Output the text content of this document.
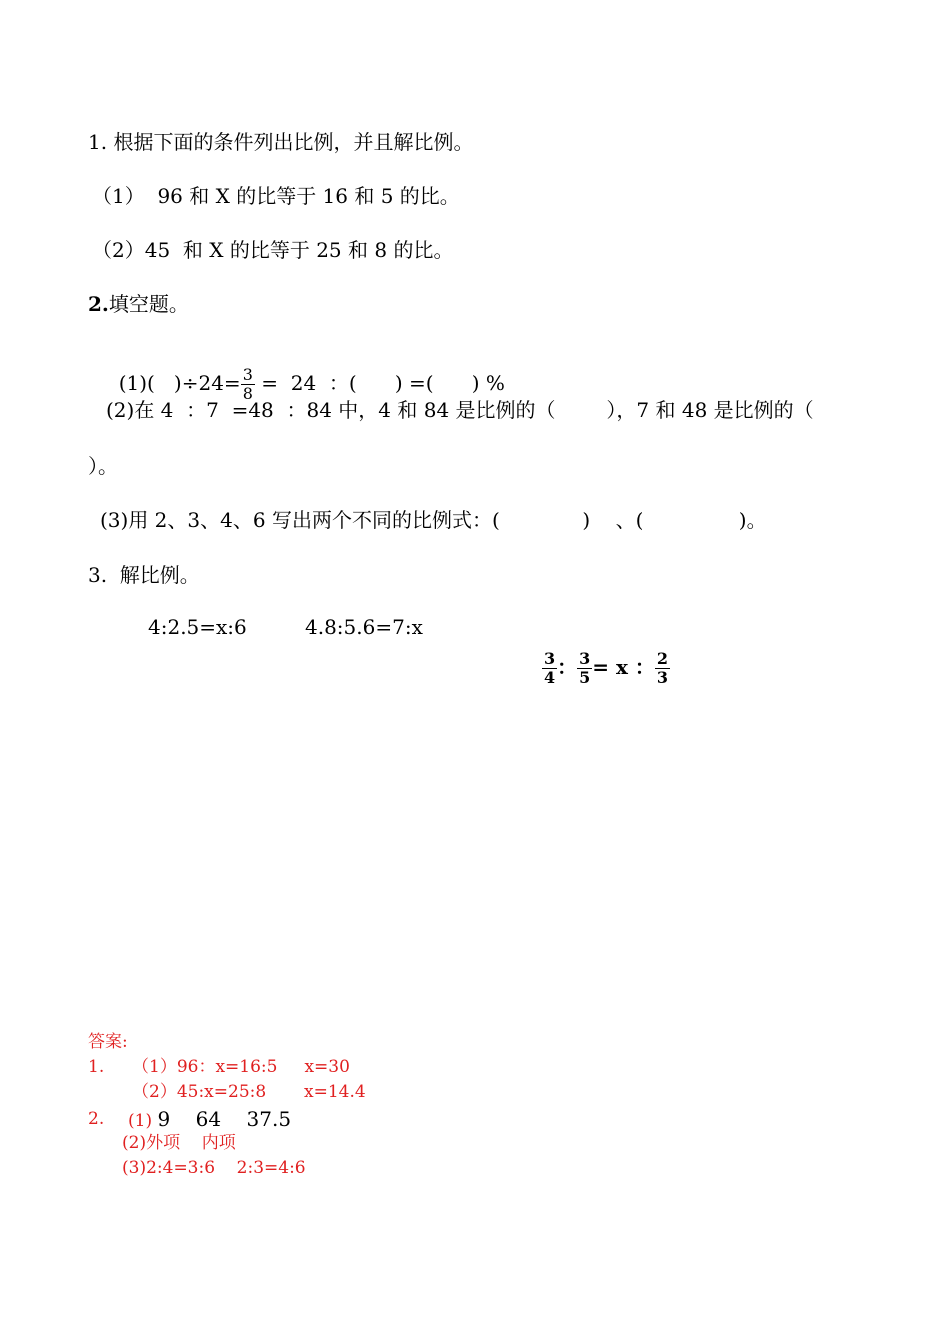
1. 根据下面的条件列出比例，并且解比例。
（1）  96 和 X 的比等于 16 和 5 的比。
（2）45  和 X 的比等于 25 和 8 的比。
2.填空题。

(1)(   )$\div 24= \frac{3}{8} = 24$  ：(      ) =(      ) %

(2)在 4  ：7  =48  ：84 中，4 和 84 是比例的（        ），7 和 48 是比例的（
）。
(3)用 2、3、4、6 写出两个不同的比例式：(             )    、(               )。
3.  解比例。
4:2.5=x:6	4.8:5.6=7:x

$\frac{3}{4}$ ： $\frac{3}{5} = x$ ： $\frac{2}{3}$

答案:
1. （1）96：x=16:5     x=30
（2）45:x=25:8       x=14.4
2. (1) 9    64    37.5
(2)外项    内项
(3)2:4=3:6    2:3=4:6
